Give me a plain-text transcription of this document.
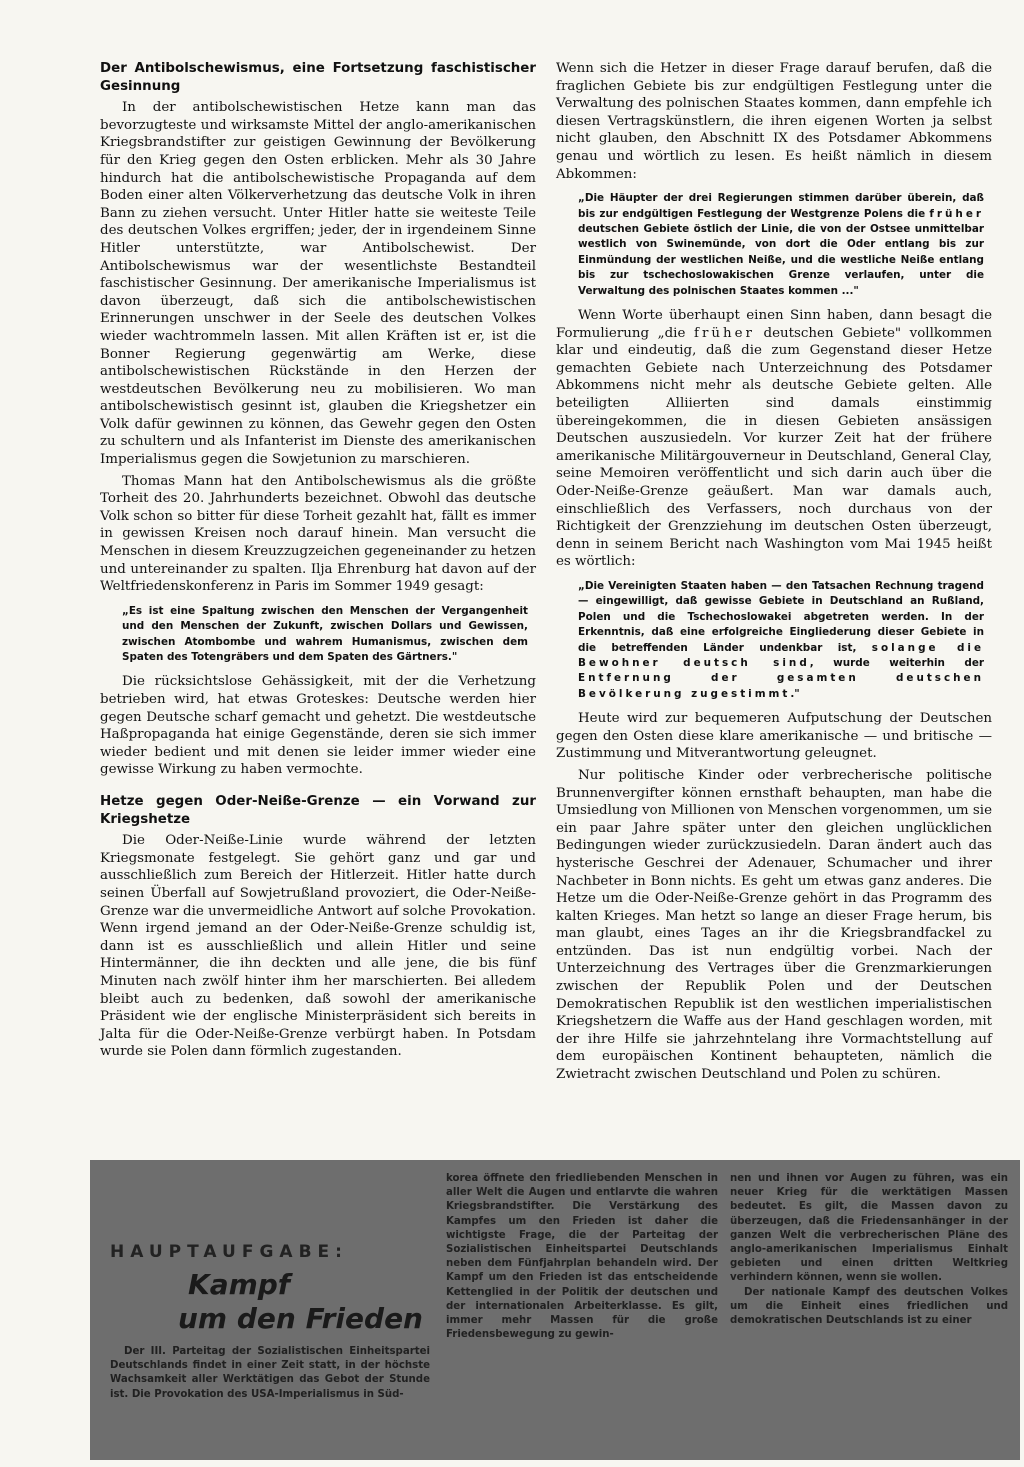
Der Antibolschewismus, eine Fortsetzung faschistischer Gesinnung

In der antibolschewistischen Hetze kann man das bevorzugteste und wirksamste Mittel der anglo-amerikanischen Kriegsbrandstifter zur geistigen Gewinnung der Bevölkerung für den Krieg gegen den Osten erblicken. Mehr als 30 Jahre hindurch hat die antibolschewistische Propaganda auf dem Boden einer alten Völkerverhetzung das deutsche Volk in ihren Bann zu ziehen versucht. Unter Hitler hatte sie weiteste Teile des deutschen Volkes ergriffen; jeder, der in irgendeinem Sinne Hitler unterstützte, war Antibolschewist. Der Antibolschewismus war der wesentlichste Bestandteil faschistischer Gesinnung. Der amerikanische Imperialismus ist davon überzeugt, daß sich die antibolschewistischen Erinnerungen unschwer in der Seele des deutschen Volkes wieder wachtrommeln lassen. Mit allen Kräften ist er, ist die Bonner Regierung gegenwärtig am Werke, diese antibolschewistischen Rückstände in den Herzen der westdeutschen Bevölkerung neu zu mobilisieren. Wo man antibolschewistisch gesinnt ist, glauben die Kriegshetzer ein Volk dafür gewinnen zu können, das Gewehr gegen den Osten zu schultern und als Infanterist im Dienste des amerikanischen Imperialismus gegen die Sowjetunion zu marschieren.

Thomas Mann hat den Antibolschewismus als die größte Torheit des 20. Jahrhunderts bezeichnet. Obwohl das deutsche Volk schon so bitter für diese Torheit gezahlt hat, fällt es immer in gewissen Kreisen noch darauf hinein. Man versucht die Menschen in diesem Kreuzzugzeichen gegeneinander zu hetzen und untereinander zu spalten. Ilja Ehrenburg hat davon auf der Weltfriedenskonferenz in Paris im Sommer 1949 gesagt:

„Es ist eine Spaltung zwischen den Menschen der Vergangenheit und den Menschen der Zukunft, zwischen Dollars und Gewissen, zwischen Atombombe und wahrem Humanismus, zwischen dem Spaten des Totengräbers und dem Spaten des Gärtners."

Die rücksichtslose Gehässigkeit, mit der die Verhetzung betrieben wird, hat etwas Groteskes: Deutsche werden hier gegen Deutsche scharf gemacht und gehetzt. Die westdeutsche Haßpropaganda hat einige Gegenstände, deren sie sich immer wieder bedient und mit denen sie leider immer wieder eine gewisse Wirkung zu haben vermochte.

Hetze gegen Oder-Neiße-Grenze — ein Vorwand zur Kriegshetze

Die Oder-Neiße-Linie wurde während der letzten Kriegsmonate festgelegt. Sie gehört ganz und gar und ausschließlich zum Bereich der Hitlerzeit. Hitler hatte durch seinen Überfall auf Sowjetrußland provoziert, die Oder-Neiße-Grenze war die unvermeidliche Antwort auf solche Provokation. Wenn irgend jemand an der Oder-Neiße-Grenze schuldig ist, dann ist es ausschließlich und allein Hitler und seine Hintermänner, die ihn deckten und alle jene, die bis fünf Minuten nach zwölf hinter ihm her marschierten. Bei alledem bleibt auch zu bedenken, daß sowohl der amerikanische Präsident wie der englische Ministerpräsident sich bereits in Jalta für die Oder-Neiße-Grenze verbürgt haben. In Potsdam wurde sie Polen dann förmlich zugestanden.

Wenn sich die Hetzer in dieser Frage darauf berufen, daß die fraglichen Gebiete bis zur endgültigen Festlegung unter die Verwaltung des polnischen Staates kommen, dann empfehle ich diesen Vertragskünstlern, die ihren eigenen Worten ja selbst nicht glauben, den Abschnitt IX des Potsdamer Abkommens genau und wörtlich zu lesen. Es heißt nämlich in diesem Abkommen:

„Die Häupter der drei Regierungen stimmen darüber überein, daß bis zur endgültigen Festlegung der Westgrenze Polens die früher deutschen Gebiete östlich der Linie, die von der Ostsee unmittelbar westlich von Swinemünde, von dort die Oder entlang bis zur Einmündung der westlichen Neiße, und die westliche Neiße entlang bis zur tschechoslowakischen Grenze verlaufen, unter die Verwaltung des polnischen Staates kommen ..."

Wenn Worte überhaupt einen Sinn haben, dann besagt die Formulierung „die früher deutschen Gebiete" vollkommen klar und eindeutig, daß die zum Gegenstand dieser Hetze gemachten Gebiete nach Unterzeichnung des Potsdamer Abkommens nicht mehr als deutsche Gebiete gelten. Alle beteiligten Alliierten sind damals einstimmig übereingekommen, die in diesen Gebieten ansässigen Deutschen auszusiedeln. Vor kurzer Zeit hat der frühere amerikanische Militärgouverneur in Deutschland, General Clay, seine Memoiren veröffentlicht und sich darin auch über die Oder-Neiße-Grenze geäußert. Man war damals auch, einschließlich des Verfassers, noch durchaus von der Richtigkeit der Grenzziehung im deutschen Osten überzeugt, denn in seinem Bericht nach Washington vom Mai 1945 heißt es wörtlich:

„Die Vereinigten Staaten haben — den Tatsachen Rechnung tragend — eingewilligt, daß gewisse Gebiete in Deutschland an Rußland, Polen und die Tschechoslowakei abgetreten werden. In der Erkenntnis, daß eine erfolgreiche Eingliederung dieser Gebiete in die betreffenden Länder undenkbar ist, solange die Bewohner deutsch sind, wurde weiterhin der Entfernung der gesamten deutschen Bevölkerung zugestimmt."

Heute wird zur bequemeren Aufputschung der Deutschen gegen den Osten diese klare amerikanische — und britische — Zustimmung und Mitverantwortung geleugnet.

Nur politische Kinder oder verbrecherische politische Brunnenvergifter können ernsthaft behaupten, man habe die Umsiedlung von Millionen von Menschen vorgenommen, um sie ein paar Jahre später unter den gleichen unglücklichen Bedingungen wieder zurückzusiedeln. Daran ändert auch das hysterische Geschrei der Adenauer, Schumacher und ihrer Nachbeter in Bonn nichts. Es geht um etwas ganz anderes. Die Hetze um die Oder-Neiße-Grenze gehört in das Programm des kalten Krieges. Man hetzt so lange an dieser Frage herum, bis man glaubt, eines Tages an ihr die Kriegsbrandfackel zu entzünden. Das ist nun endgültig vorbei. Nach der Unterzeichnung des Vertrages über die Grenzmarkierungen zwischen der Republik Polen und der Deutschen Demokratischen Republik ist den westlichen imperialistischen Kriegshetzern die Waffe aus der Hand geschlagen worden, mit der ihre Hilfe sie jahrzehntelang ihre Vormachtstellung auf dem europäischen Kontinent behaupteten, nämlich die Zwietracht zwischen Deutschland und Polen zu schüren.

HAUPTAUFGABE:
Kampf
um den Frieden

Der III. Parteitag der Sozialistischen Einheitspartei Deutschlands findet in einer Zeit statt, in der höchste Wachsamkeit aller Werktätigen das Gebot der Stunde ist. Die Provokation des USA-Imperialismus in Süd-

korea öffnete den friedliebenden Menschen in aller Welt die Augen und entlarvte die wahren Kriegsbrandstifter. Die Verstärkung des Kampfes um den Frieden ist daher die wichtigste Frage, die der Parteitag der Sozialistischen Einheitspartei Deutschlands neben dem Fünfjahrplan behandeln wird. Der Kampf um den Frieden ist das entscheidende Kettenglied in der Politik der deutschen und der internationalen Arbeiterklasse. Es gilt, immer mehr Massen für die große Friedensbewegung zu gewin-

nen und ihnen vor Augen zu führen, was ein neuer Krieg für die werktätigen Massen bedeutet. Es gilt, die Massen davon zu überzeugen, daß die Friedensanhänger in der ganzen Welt die verbrecherischen Pläne des anglo-amerikanischen Imperialismus Einhalt gebieten und einen dritten Weltkrieg verhindern können, wenn sie wollen.

Der nationale Kampf des deutschen Volkes um die Einheit eines friedlichen und demokratischen Deutschlands ist zu einer
